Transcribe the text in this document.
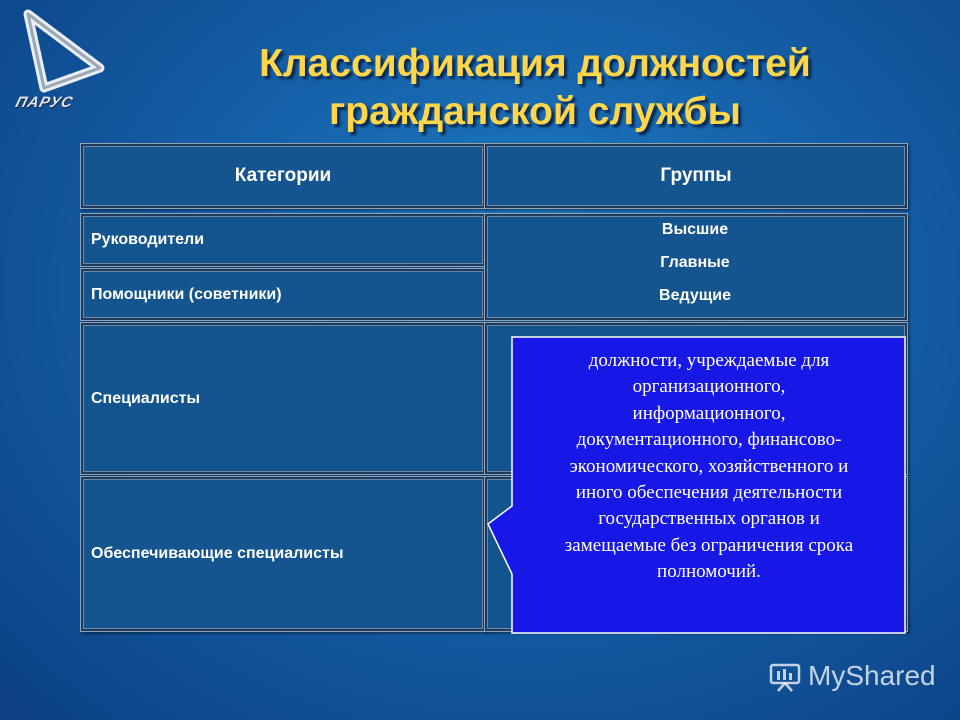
ПАРУС
Классификация должностей
гражданской службы
Категории	Группы
Руководители
Помощники (советники)
Специалисты
Обеспечивающие специалисты
Высшие
Главные
Ведущие
должности, учреждаемые для
организационного,
информационного,
документационного, финансово-
экономического, хозяйственного и
иного обеспечения деятельности
государственных органов и
замещаемые без ограничения срока
полномочий.
MyShared
